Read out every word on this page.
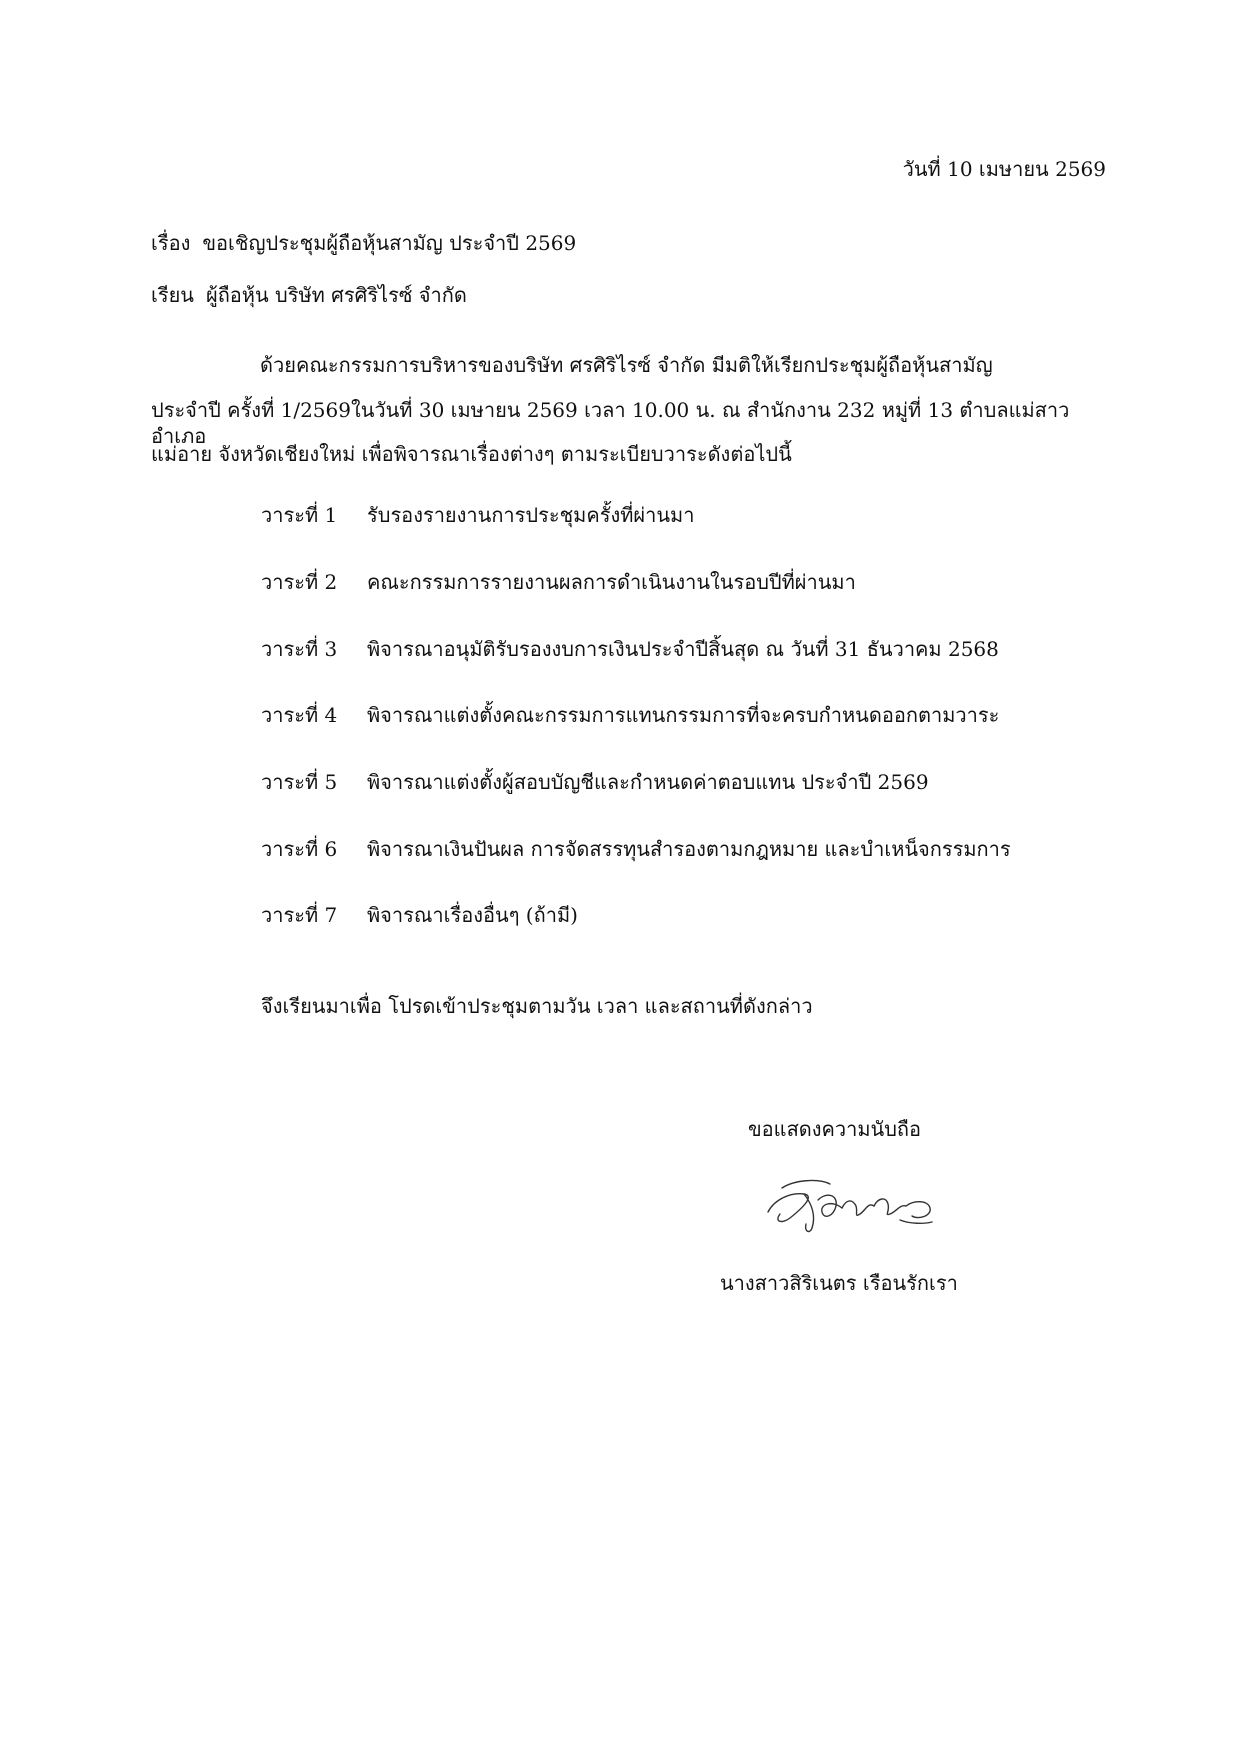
วันที่ 10 เมษายน 2569
เรื่อง ขอเชิญประชุมผู้ถือหุ้นสามัญ ประจำปี 2569
เรียน ผู้ถือหุ้น บริษัท ศรศิริไรซ์ จำกัด
ด้วยคณะกรรมการบริหารของบริษัท ศรศิริไรซ์ จำกัด มีมติให้เรียกประชุมผู้ถือหุ้นสามัญ
ประจำปี ครั้งที่ 1/2569ในวันที่ 30 เมษายน 2569 เวลา 10.00 น. ณ สำนักงาน 232 หมู่ที่ 13 ตำบลแม่สาว อำเภอ
แม่อาย จังหวัดเชียงใหม่ เพื่อพิจารณาเรื่องต่างๆ ตามระเบียบวาระดังต่อไปนี้
วาระที่ 1 รับรองรายงานการประชุมครั้งที่ผ่านมา
วาระที่ 2 คณะกรรมการรายงานผลการดำเนินงานในรอบปีที่ผ่านมา
วาระที่ 3 พิจารณาอนุมัติรับรองงบการเงินประจำปีสิ้นสุด ณ วันที่ 31 ธันวาคม 2568
วาระที่ 4 พิจารณาแต่งตั้งคณะกรรมการแทนกรรมการที่จะครบกำหนดออกตามวาระ
วาระที่ 5 พิจารณาแต่งตั้งผู้สอบบัญชีและกำหนดค่าตอบแทน ประจำปี 2569
วาระที่ 6 พิจารณาเงินปันผล การจัดสรรทุนสำรองตามกฎหมาย และบำเหน็จกรรมการ
วาระที่ 7 พิจารณาเรื่องอื่นๆ (ถ้ามี)
จึงเรียนมาเพื่อ โปรดเข้าประชุมตามวัน เวลา และสถานที่ดังกล่าว
ขอแสดงความนับถือ
นางสาวสิริเนตร เรือนรักเรา
